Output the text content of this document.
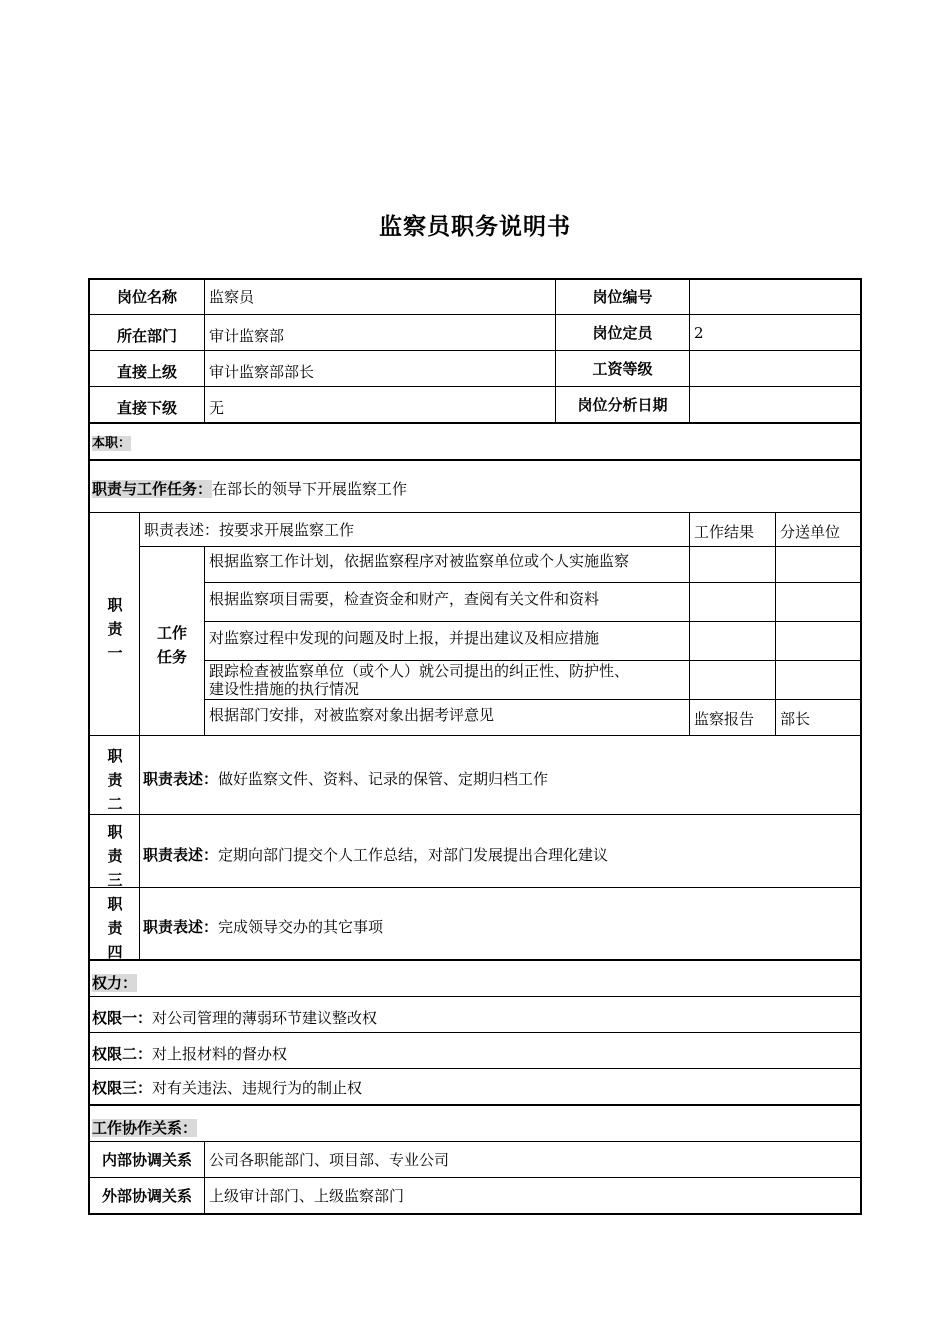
监察员职务说明书
岗位名称	监察员	岗位编号
所在部门	审计监察部	岗位定员	2
直接上级	审计监察部部长	工资等级
直接下级	无	岗位分析日期
本职：
职责与工作任务：在部长的领导下开展监察工作
职
责
一
职责表述：按要求开展监察工作	工作结果	分送单位
工作
任务
根据监察工作计划，依据监察程序对被监察单位或个人实施监察
根据监察项目需要，检查资金和财产，查阅有关文件和资料
对监察过程中发现的问题及时上报，并提出建议及相应措施
跟踪检查被监察单位（或个人）就公司提出的纠正性、防护性、
建设性措施的执行情况
根据部门安排，对被监察对象出据考评意见	监察报告	部长
职
责
二
职责表述：做好监察文件、资料、记录的保管、定期归档工作
职
责
三
职责表述：定期向部门提交个人工作总结，对部门发展提出合理化建议
职
责
四
职责表述：完成领导交办的其它事项
权力：
权限一：对公司管理的薄弱环节建议整改权
权限二：对上报材料的督办权
权限三：对有关违法、违规行为的制止权
工作协作关系：
内部协调关系	公司各职能部门、项目部、专业公司
外部协调关系	上级审计部门、上级监察部门
